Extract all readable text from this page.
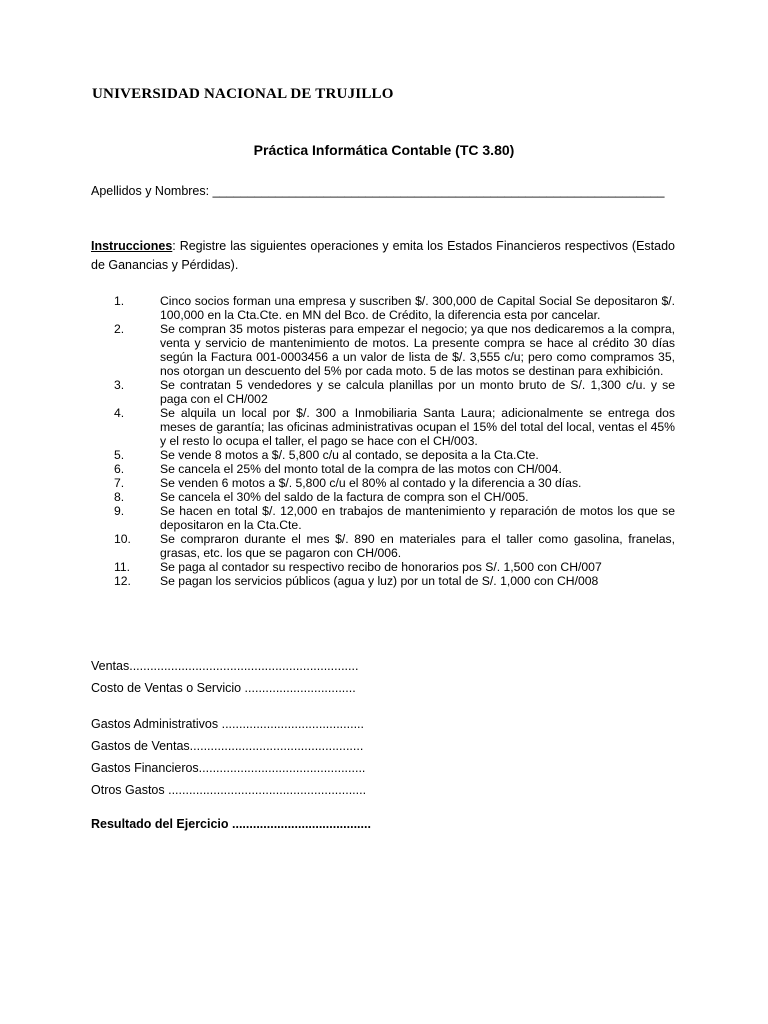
UNIVERSIDAD NACIONAL DE TRUJILLO
Práctica Informática Contable (TC 3.80)
Apellidos y Nombres: _________________________________________________________________
Instrucciones: Registre las siguientes operaciones y emita los Estados Financieros respectivos (Estado de Ganancias y Pérdidas).
1.	Cinco socios forman una empresa y suscriben $/. 300,000 de Capital Social Se depositaron $/. 100,000 en la Cta.Cte. en MN del Bco. de Crédito, la diferencia esta por cancelar.
2.	Se compran 35 motos pisteras para empezar el negocio; ya que nos dedicaremos a la compra, venta y servicio de mantenimiento de motos. La presente compra se hace al crédito 30 días según la Factura 001-0003456 a un valor de lista de $/. 3,555 c/u; pero como compramos 35, nos otorgan un descuento del 5% por cada moto. 5 de las motos se destinan para exhibición.
3.	Se contratan 5 vendedores y se calcula planillas por un monto bruto de S/. 1,300 c/u. y se paga con el CH/002
4.	Se alquila un local por $/. 300 a Inmobiliaria Santa Laura; adicionalmente se entrega dos meses de garantía; las oficinas administrativas ocupan el 15% del total del local, ventas el 45% y el resto lo ocupa el taller, el pago se hace con el CH/003.
5.	Se vende 8 motos a $/. 5,800 c/u al contado, se deposita a la Cta.Cte.
6.	Se cancela el 25% del monto total de la compra de las motos con CH/004.
7.	Se venden 6 motos a $/. 5,800 c/u el 80% al contado y la diferencia a 30 días.
8.	Se cancela el 30% del saldo de la factura de compra son el CH/005.
9.	Se hacen en total $/. 12,000 en trabajos de mantenimiento y reparación de motos los que se depositaron en la Cta.Cte.
10. Se compraron durante el mes $/. 890 en materiales para el taller como gasolina, franelas, grasas, etc. los que se pagaron con CH/006.
11. Se paga al contador su respectivo recibo de honorarios pos S/. 1,500 con CH/007
12. Se pagan los servicios públicos (agua y luz) por un total de S/. 1,000 con CH/008
Ventas..................................................................
Costo de Ventas o Servicio ................................
Gastos Administrativos .........................................
Gastos de Ventas..................................................
Gastos Financieros................................................
Otros Gastos .........................................................
Resultado del Ejercicio ........................................
